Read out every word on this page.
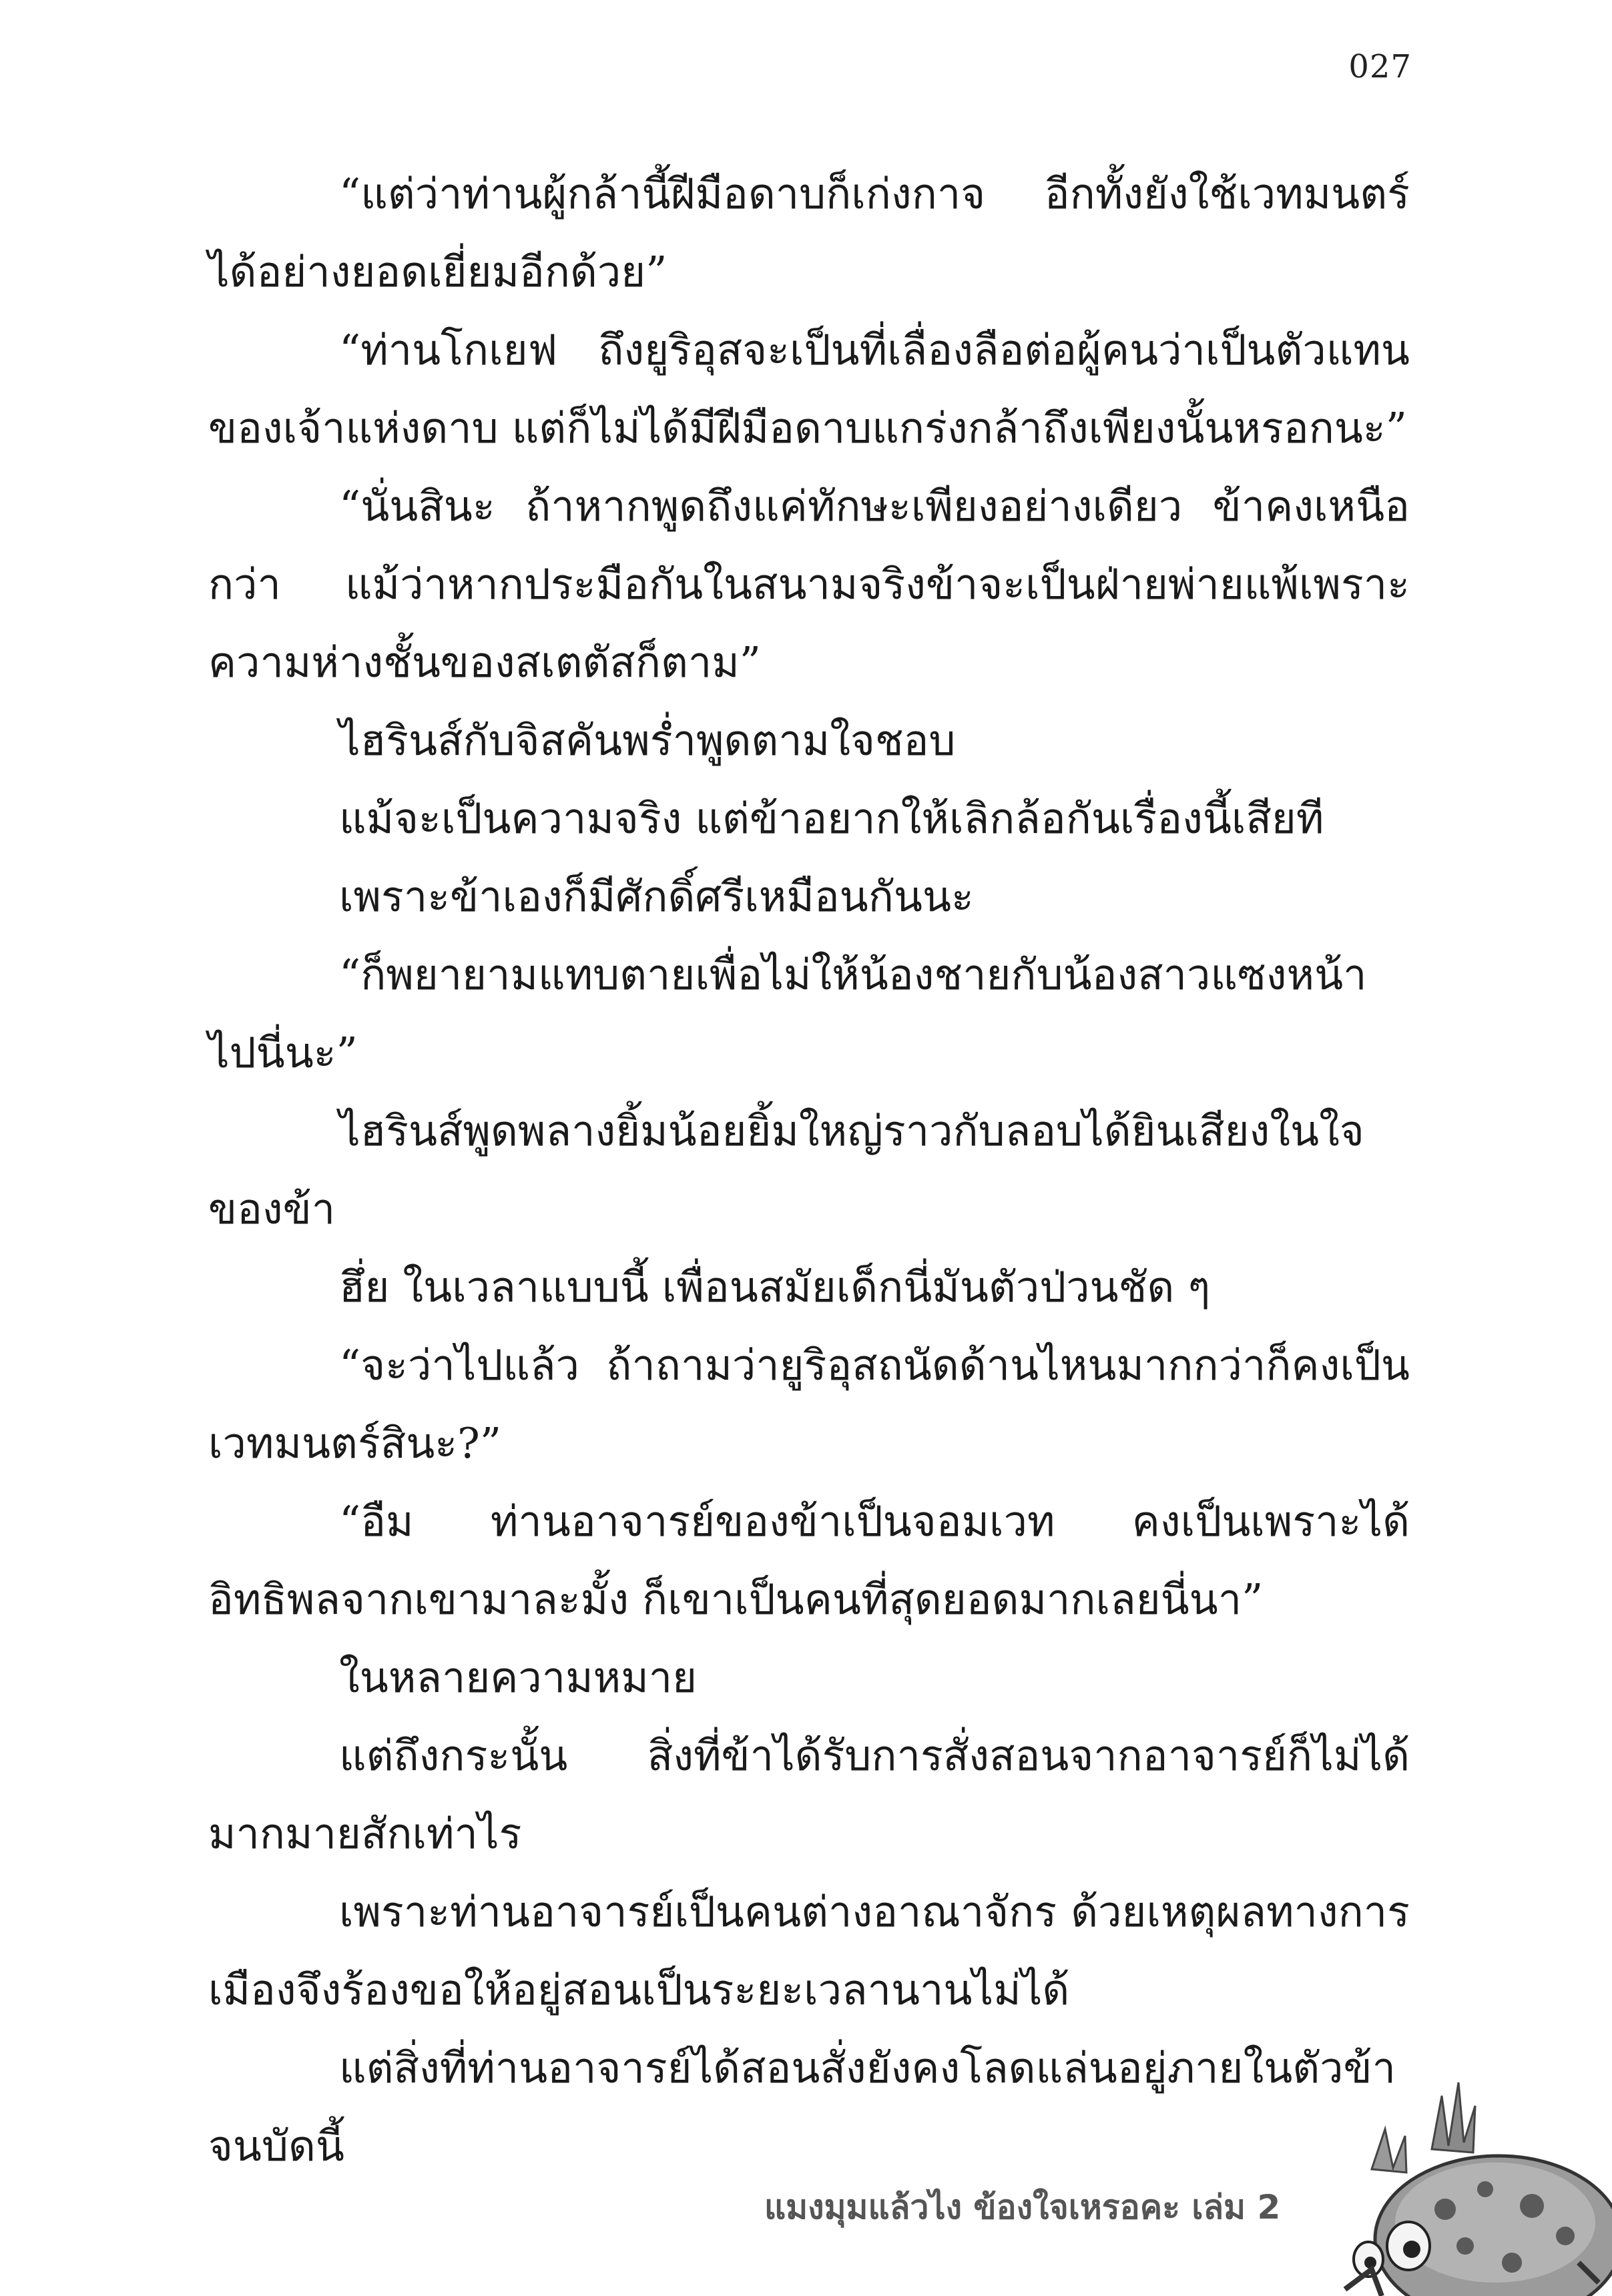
027

“แต่ว่าท่านผู้กล้านี้ฝีมือดาบก็เก่งกาจ อีกทั้งยังใช้เวทมนตร์ได้อย่างยอดเยี่ยมอีกด้วย”

“ท่านโกเยฟ ถึงยูริอุสจะเป็นที่เลื่องลือต่อผู้คนว่าเป็นตัวแทนของเจ้าแห่งดาบ แต่ก็ไม่ได้มีฝีมือดาบแกร่งกล้าถึงเพียงนั้นหรอกนะ”

“นั่นสินะ ถ้าหากพูดถึงแค่ทักษะเพียงอย่างเดียว ข้าคงเหนือกว่า แม้ว่าหากประมือกันในสนามจริงข้าจะเป็นฝ่ายพ่ายแพ้เพราะความห่างชั้นของสเตตัสก็ตาม”

ไฮรินส์กับจิสคันพร่ำพูดตามใจชอบ

แม้จะเป็นความจริง แต่ข้าอยากให้เลิกล้อกันเรื่องนี้เสียที

เพราะข้าเองก็มีศักดิ์ศรีเหมือนกันนะ

“ก็พยายามแทบตายเพื่อไม่ให้น้องชายกับน้องสาวแซงหน้าไปนี่นะ”

ไฮรินส์พูดพลางยิ้มน้อยยิ้มใหญ่ราวกับลอบได้ยินเสียงในใจของข้า

ฮึ่ย ในเวลาแบบนี้ เพื่อนสมัยเด็กนี่มันตัวป่วนชัด ๆ

“จะว่าไปแล้ว ถ้าถามว่ายูริอุสถนัดด้านไหนมากกว่าก็คงเป็นเวทมนตร์สินะ?”

“อืม ท่านอาจารย์ของข้าเป็นจอมเวท คงเป็นเพราะได้อิทธิพลจากเขามาละมั้ง ก็เขาเป็นคนที่สุดยอดมากเลยนี่นา”

ในหลายความหมาย

แต่ถึงกระนั้น สิ่งที่ข้าได้รับการสั่งสอนจากอาจารย์ก็ไม่ได้มากมายสักเท่าไร

เพราะท่านอาจารย์เป็นคนต่างอาณาจักร ด้วยเหตุผลทางการเมืองจึงร้องขอให้อยู่สอนเป็นระยะเวลานานไม่ได้

แต่สิ่งที่ท่านอาจารย์ได้สอนสั่งยังคงโลดแล่นอยู่ภายในตัวข้าจนบัดนี้

แมงมุมแล้วไง ข้องใจเหรอคะ เล่ม 2
